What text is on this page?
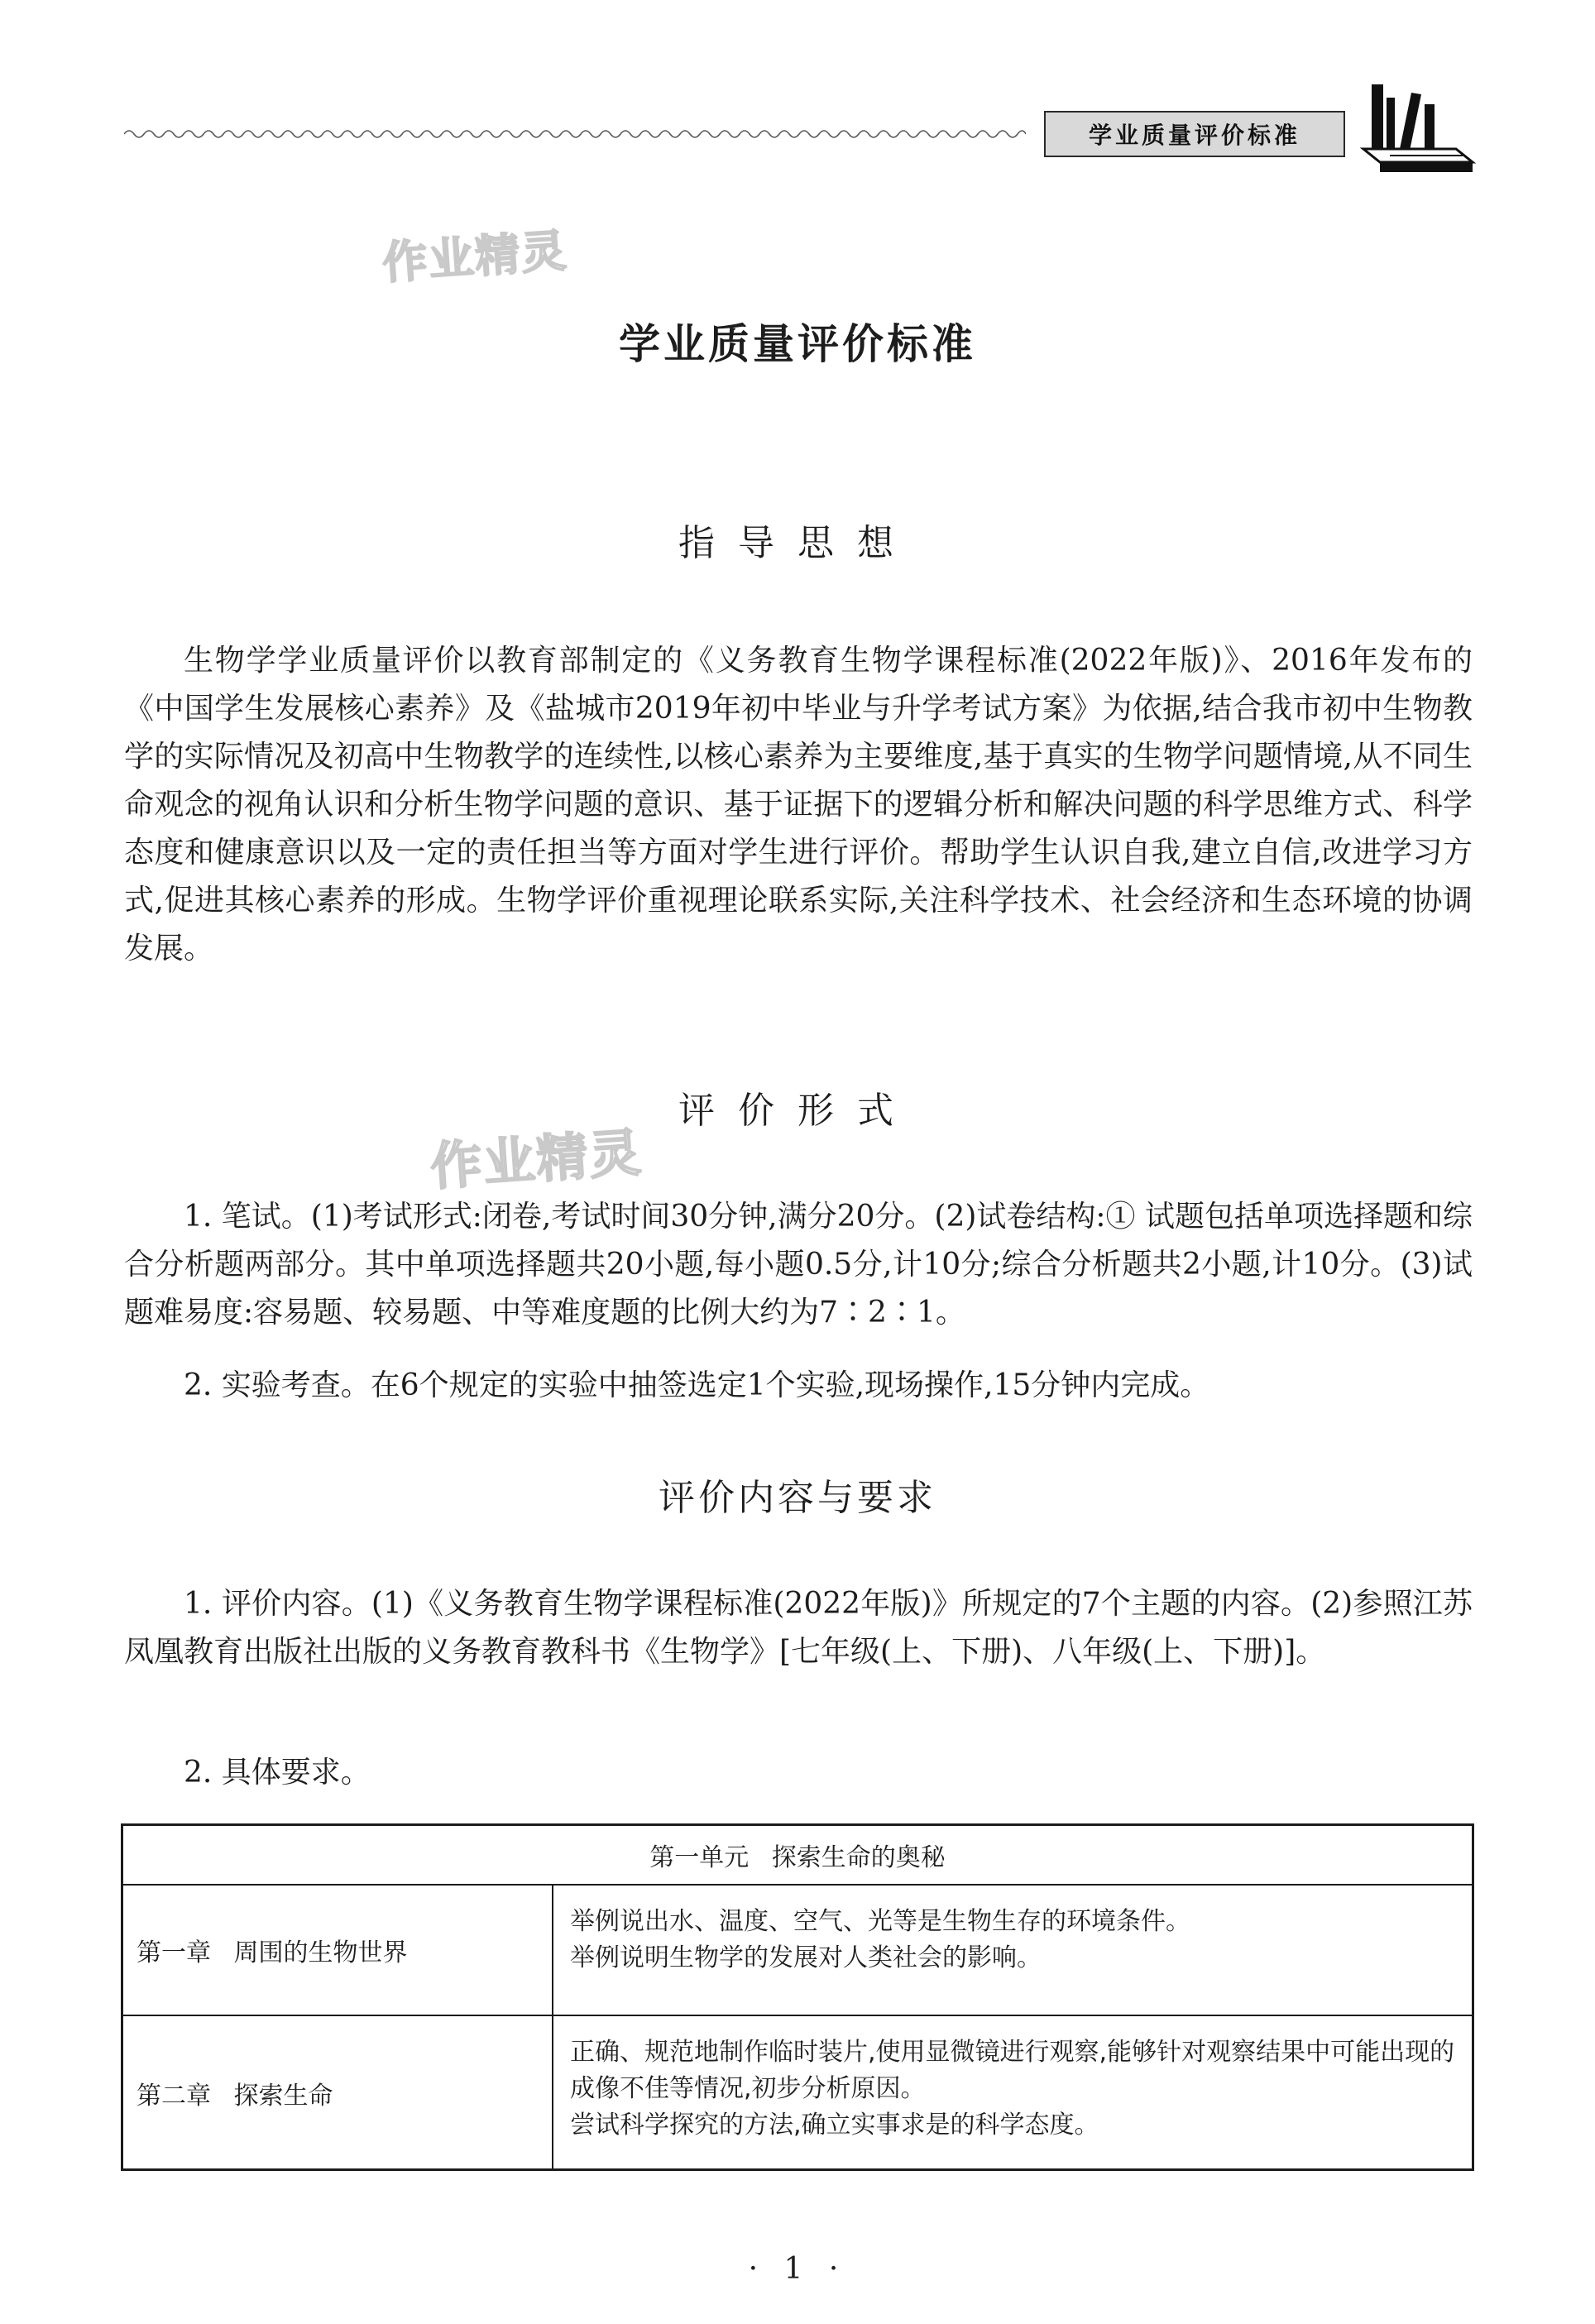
学业质量评价标准
作业精灵
作业精灵
学业质量评价标准
指导思想

生物学学业质量评价以教育部制定的《义务教育生物学课程标准(2022年版)》、2016年发布的《中国学生发展核心素养》及《盐城市2019年初中毕业与升学考试方案》为依据,结合我市初中生物教学的实际情况及初高中生物教学的连续性,以核心素养为主要维度,基于真实的生物学问题情境,从不同生命观念的视角认识和分析生物学问题的意识、基于证据下的逻辑分析和解决问题的科学思维方式、科学态度和健康意识以及一定的责任担当等方面对学生进行评价。帮助学生认识自我,建立自信,改进学习方式,促进其核心素养的形成。生物学评价重视理论联系实际,关注科学技术、社会经济和生态环境的协调发展。

评价形式

1. 笔试。(1)考试形式:闭卷,考试时间30分钟,满分20分。(2)试卷结构:① 试题包括单项选择题和综合分析题两部分。其中单项选择题共20小题,每小题0.5分,计10分;综合分析题共2小题,计10分。(3)试题难易度:容易题、较易题、中等难度题的比例大约为7∶2∶1。

2. 实验考查。在6个规定的实验中抽签选定1个实验,现场操作,15分钟内完成。

评价内容与要求

1. 评价内容。(1)《义务教育生物学课程标准(2022年版)》所规定的7个主题的内容。(2)参照江苏凤凰教育出版社出版的义务教育教科书《生物学》[七年级(上、下册)、八年级(上、下册)]。

2. 具体要求。

第一单元 探索生命的奥秘
第一章 周围的生物世界
举例说出水、温度、空气、光等是生物生存的环境条件。
举例说明生物学的发展对人类社会的影响。
第二章 探索生命
正确、规范地制作临时装片,使用显微镜进行观察,能够针对观察结果中可能出现的成像不佳等情况,初步分析原因。
尝试科学探究的方法,确立实事求是的科学态度。
· 1 ·
